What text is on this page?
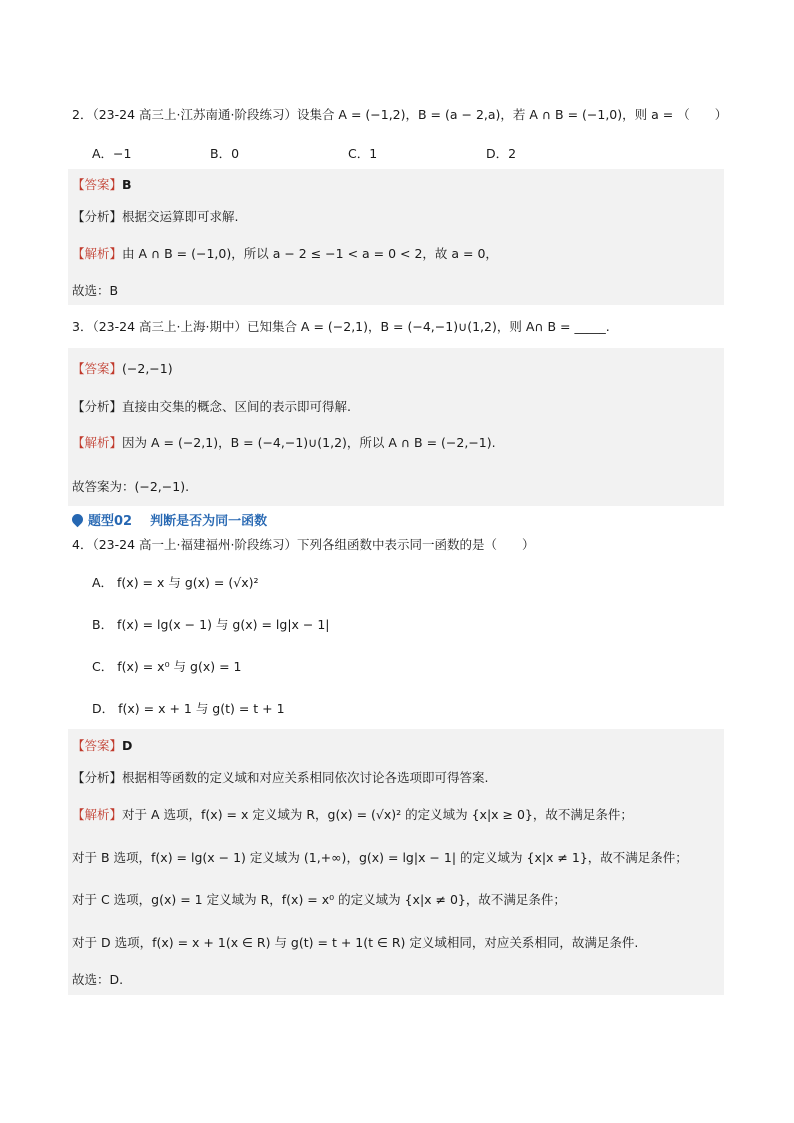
2．（23-24 高三上·江苏南通·阶段练习）设集合 A = (−1,2)，B = (a − 2,a)，若 A ∩ B = (−1,0)，则 a = （　　）
A．−1	B．0	C．1	D．2
【答案】B
【分析】根据交运算即可求解.
【解析】由 A ∩ B = (−1,0)，所以 a − 2 ≤ −1 < a = 0 < 2，故 a = 0，
故选：B
3．（23-24 高三上·上海·期中）已知集合 A = (−2,1)，B = (−4,−1)∪(1,2)，则 A∩ B = _____.
【答案】(−2,−1)
【分析】直接由交集的概念、区间的表示即可得解.
【解析】因为 A = (−2,1)，B = (−4,−1)∪(1,2)，所以 A ∩ B = (−2,−1).
故答案为：(−2,−1).
题型02 判断是否为同一函数
4．（23-24 高一上·福建福州·阶段练习）下列各组函数中表示同一函数的是（　　）
A． f(x) = x 与 g(x) = (√x)²
B． f(x) = lg(x − 1) 与 g(x) = lg|x − 1|
C． f(x) = x⁰ 与 g(x) = 1
D． f(x) = x + 1 与 g(t) = t + 1
【答案】D
【分析】根据相等函数的定义域和对应关系相同依次讨论各选项即可得答案.
【解析】对于 A 选项，f(x) = x 定义域为 R，g(x) = (√x)² 的定义域为 {x|x ≥ 0}，故不满足条件；
对于 B 选项，f(x) = lg(x − 1) 定义域为 (1,+∞)，g(x) = lg|x − 1| 的定义域为 {x|x ≠ 1}，故不满足条件；
对于 C 选项，g(x) = 1 定义域为 R，f(x) = x⁰ 的定义域为 {x|x ≠ 0}，故不满足条件；
对于 D 选项，f(x) = x + 1(x ∈ R) 与 g(t) = t + 1(t ∈ R) 定义域相同，对应关系相同，故满足条件.
故选：D.
